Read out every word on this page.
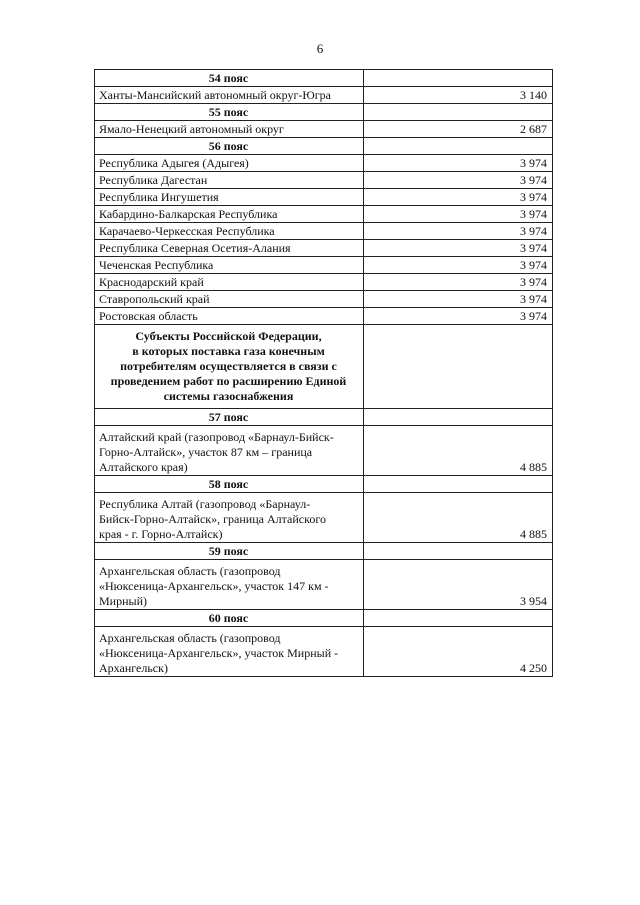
6
54 пояс	
Ханты-Мансийский автономный округ-Югра	3 140
55 пояс	
Ямало-Ненецкий автономный округ	2 687
56 пояс	
Республика Адыгея (Адыгея)	3 974
Республика Дагестан	3 974
Республика Ингушетия	3 974
Кабардино-Балкарская Республика	3 974
Карачаево-Черкесская Республика	3 974
Республика Северная Осетия-Алания	3 974
Чеченская Республика	3 974
Краснодарский край	3 974
Ставропольский край	3 974
Ростовская область	3 974

Субъекты Российской Федерации,
в которых поставка газа конечным
потребителям осуществляется в связи с
проведением работ по расширению Единой
системы газоснабжения	

57 пояс	

Алтайский край (газопровод «Барнаул-Бийск-
Горно-Алтайск», участок 87 км – граница
Алтайского края)	4 885
58 пояс	

Республика Алтай (газопровод «Барнаул-
Бийск-Горно-Алтайск», граница Алтайского
края - г. Горно-Алтайск)	4 885
59 пояс	

Архангельская область (газопровод
«Нюксеница-Архангельск», участок 147 км -
Мирный)	3 954
60 пояс	

Архангельская область (газопровод
«Нюксеница-Архангельск», участок Мирный -
Архангельск)	4 250
